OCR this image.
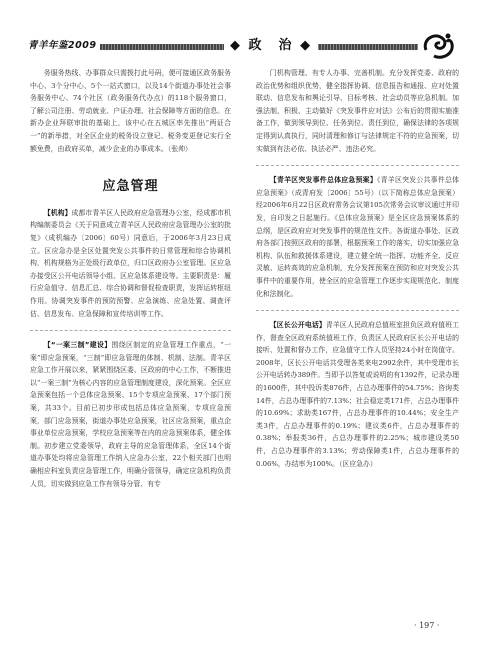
青羊年鉴2009	◆ 政　治 ◆

务服务热线、办事群众只需拨打此号码，便可接通区政务服务中心、3个分中心、5个一站式窗口，以及14个街道办事处社会事务服务中心、74个社区（政务服务代办点）的118个服务窗口，了解公司注册、劳动就业、户证办理、社会保障等方面的信息。在新办企业拜联审批的基础上，该中心在五城区率先推出“两证合一”的新举措，对全区企业的税务设立登记、税务变更登记实行全额免费，由政府买单，减少企业的办事成本。（张帅）

应急管理

【机构】成都市青羊区人民政府应急管理办公室，经成都市机构编制委员会《关于同意成立青羊区人民政府应急管理办公室的批复》（成机编办〔2006〕60号）同意后，于2006年3月23日成立。区应急办是全区处置突发公共事件的日常管理和综合协调机构，机构规格为正处级行政单位，归口区政府办公室管理。区应急办接受区公开电话领导小组、区应急体系建设等。主要职责是：履行应急值守、信息汇总、综合协调和督促检查职责，发挥运转枢纽作用。协调突发事件的预防预警、应急演练、应急处置、调查评估、信息发布、应急保障和宣传培训等工作。

【“一案三制”建设】围绕区制定的应急管理工作重点，“一案”即应急预案，“三制”即应急管理的体制、机制、法制。青羊区应急工作开展以来，紧紧围绕区委、区政府的中心工作，不断推进以“一案三制”为核心内容的应急管理制度建设，深化预案。全区应急预案包括一个总体应急预案、15个专项应急预案、17个部门预案，共33个。目前已初步形成包括总体应急预案，专项应急预案，部门应急预案，街道办事处应急预案，社区应急预案，重点企事业单位应急预案，学校应急预案等在内的应急预案体系，健全体制。初步建立党委领导，政府主导的应急管理体系，全区14个街道办事处均将应急管理工作纳入应急办公室，22个相关部门也明确相应科室负责应急管理工作，明确分管领导，确定应急机构负责人员，切实做到应急工作有领导分管、有专

门机构管理、有专人办事、完善机制。充分发挥党委、政府的政治优势和组织优势，健全指挥协调、信息报告和通报、应对处置联动、信息发布和舆论引导、目标考核、社会动员等应急机制。加强法制，积极、主动做好《突发事件应对法》公布后的贯彻实施准备工作，做到领导到位、任务到位、责任到位，确保法律的各项规定得到认真执行，同时清理和修订与法律规定不符的应急预案，切实做到有法必依、执法必严、违法必究。

【青羊区突发事件总体应急预案】《青羊区突发公共事件总体应急预案》（成青府发〔2006〕55号）（以下简称总体应急预案）经2006年6月22日区政府常务会议第105次常务会议审议通过并印发，自印发之日起施行。《总体应急预案》是全区应急预案体系的总纲，是区政府应对突发事件的规范性文件。各街道办事处、区政府各部门按照区政府的部署，根据预案工作的落实，切实加强应急机构、队伍和救援体系建设，建立健全统一指挥、功能齐全、反应灵敏、运转高效的应急机制，充分发挥预案在预防和应对突发公共事件中的重要作用，使全区的应急管理工作逐步实现规范化、制度化和法制化。

【区长公开电话】青羊区人民政府总值班室担负区政府值班工作，督查全区政府系统值班工作，负责区人民政府区长公开电话的接听、处置和督办工作，应急值守工作人员坚持24小时在岗值守。2008年，区长公开电话共受理各类来电2992余件，其中受理市长公开电话转办389件。当即予以答复或说明的有1392件，记录办理的1600件，其中投诉类876件，占总办理事件的54.75%；咨询类14件，占总办理事件的7.13%；社会稳定类171件，占总办理事件的10.69%；求助类167件，占总办理事件的10.44%；安全生产类3件，占总办理事件的0.19%；建议类6件，占总办理事件的0.38%；举报类36件，占总办理事件的2.25%；城市建设类50件，占总办理事件的3.13%；劳动保障类1件，占总办理事件的0.06%，办结率为100%。（区应急办）

· 197 ·
